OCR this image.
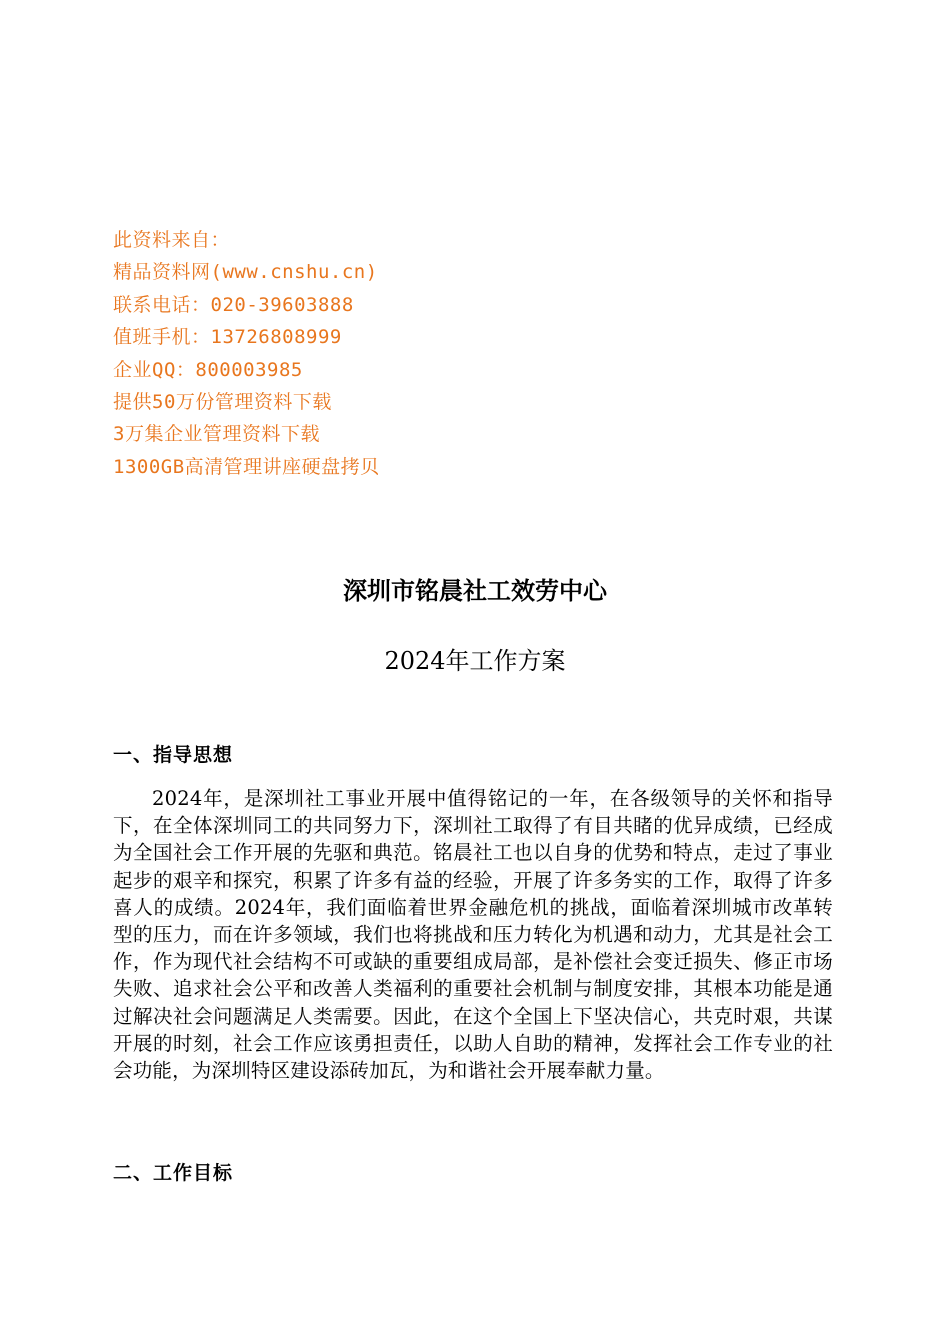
此资料来自：
精品资料网(www.cnshu.cn)
联系电话：020-39603888
值班手机：13726808999
企业QQ：800003985
提供50万份管理资料下载
3万集企业管理资料下载
1300GB高清管理讲座硬盘拷贝
深圳市铭晨社工效劳中心
2024年工作方案
一、指导思想
2024年，是深圳社工事业开展中值得铭记的一年，在各级领导的关怀和指导下，在全体深圳同工的共同努力下，深圳社工取得了有目共睹的优异成绩，已经成为全国社会工作开展的先驱和典范。铭晨社工也以自身的优势和特点，走过了事业起步的艰辛和探究，积累了许多有益的经验，开展了许多务实的工作，取得了许多喜人的成绩。2024年，我们面临着世界金融危机的挑战，面临着深圳城市改革转型的压力，而在许多领域，我们也将挑战和压力转化为机遇和动力，尤其是社会工作，作为现代社会结构不可或缺的重要组成局部，是补偿社会变迁损失、修正市场失败、追求社会公平和改善人类福利的重要社会机制与制度安排，其根本功能是通过解决社会问题满足人类需要。因此，在这个全国上下坚决信心，共克时艰，共谋开展的时刻，社会工作应该勇担责任，以助人自助的精神，发挥社会工作专业的社会功能，为深圳特区建设添砖加瓦，为和谐社会开展奉献力量。
二、工作目标
